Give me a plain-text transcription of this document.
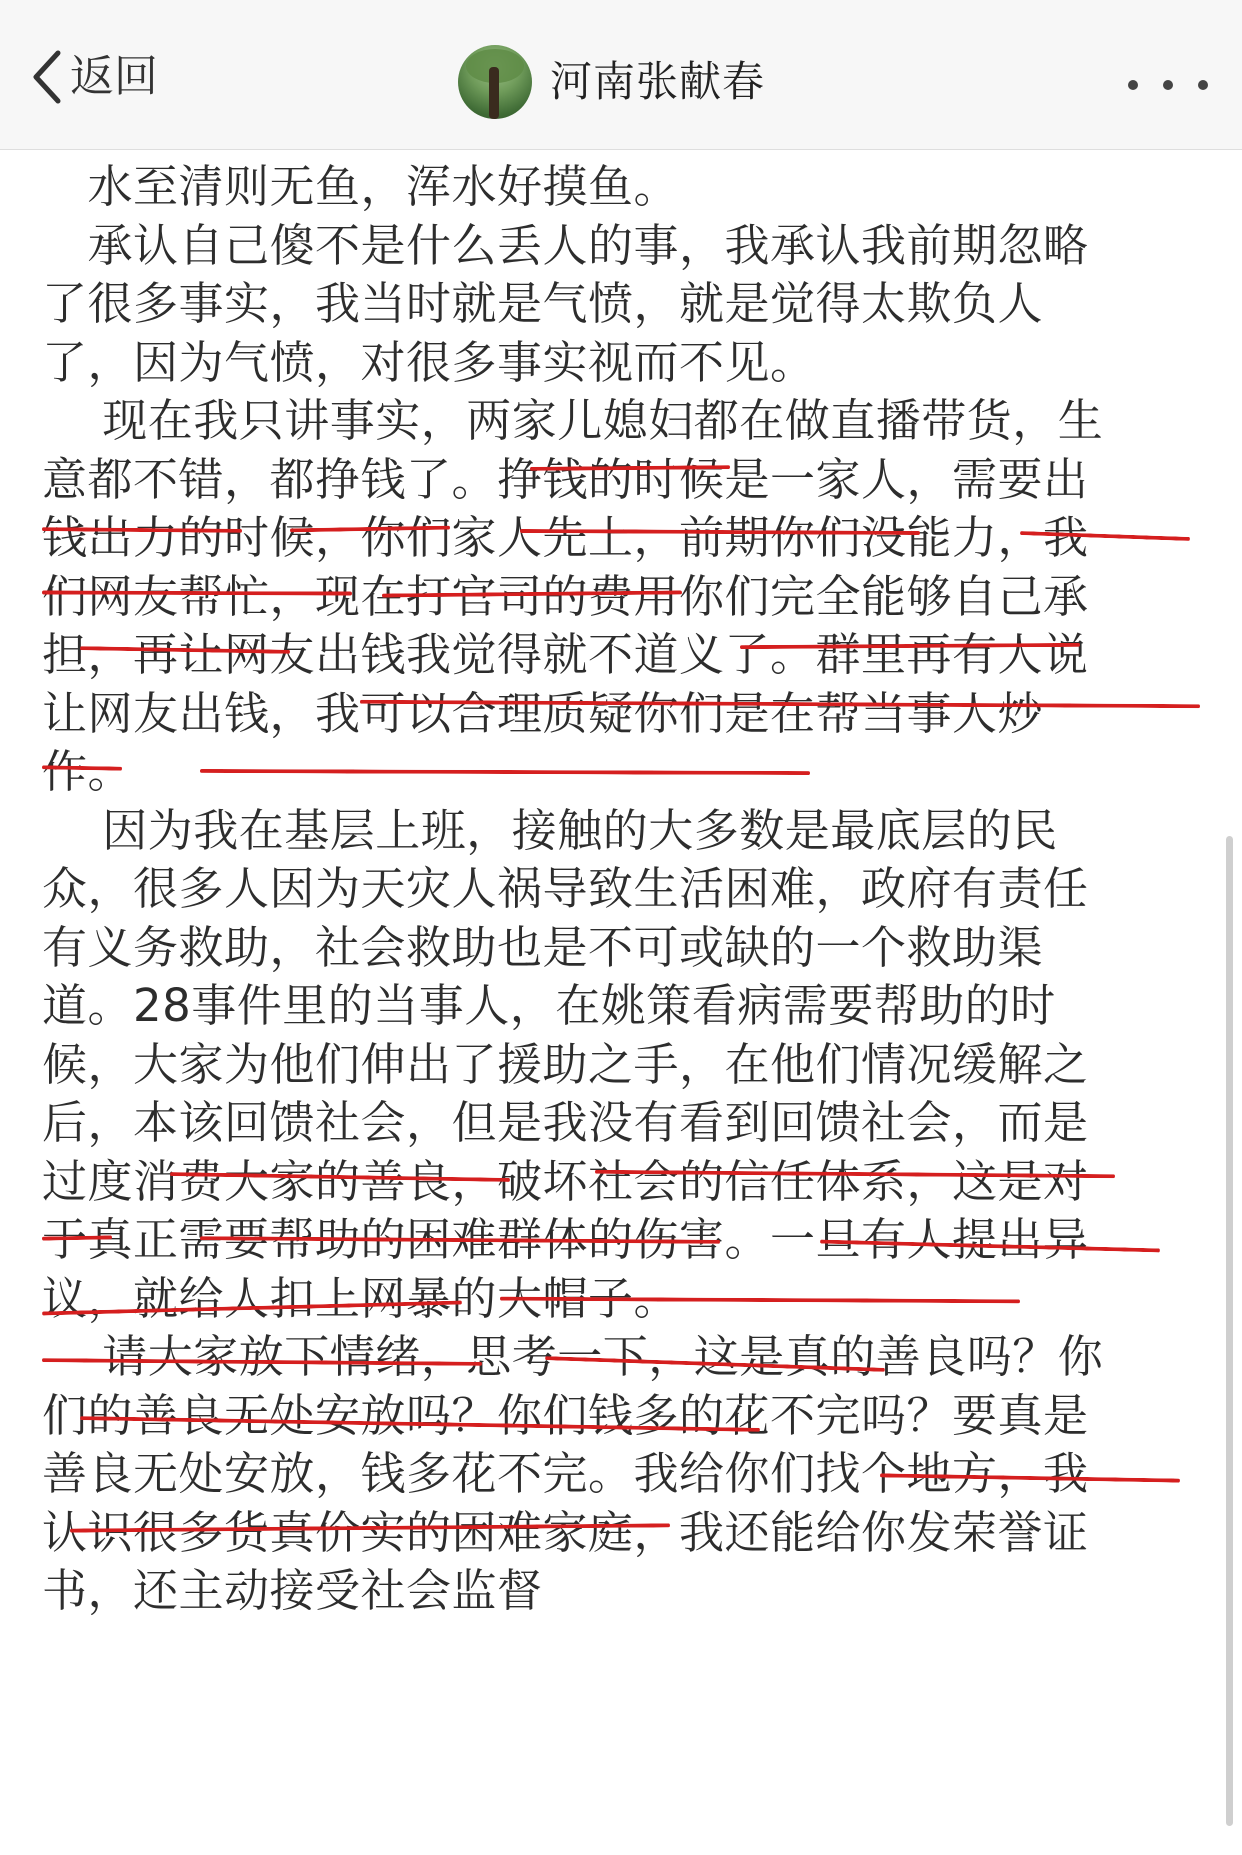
返回	河南张献春
　水至清则无鱼，浑水好摸鱼。
　承认自己傻不是什么丢人的事，我承认我前期忽略
了很多事实，我当时就是气愤，就是觉得太欺负人
了，因为气愤，对很多事实视而不见。
　 现在我只讲事实，两家儿媳妇都在做直播带货，生
意都不错，都挣钱了。挣钱的时候是一家人，需要出
钱出力的时候，你们家人先上，前期你们没能力，我
们网友帮忙，现在打官司的费用你们完全能够自己承
担，再让网友出钱我觉得就不道义了。群里再有人说
让网友出钱，我可以合理质疑你们是在帮当事人炒
作。
　 因为我在基层上班，接触的大多数是最底层的民
众，很多人因为天灾人祸导致生活困难，政府有责任
有义务救助，社会救助也是不可或缺的一个救助渠
道。28事件里的当事人，在姚策看病需要帮助的时
候，大家为他们伸出了援助之手，在他们情况缓解之
后，本该回馈社会，但是我没有看到回馈社会，而是
过度消费大家的善良，破坏社会的信任体系，这是对
于真正需要帮助的困难群体的伤害。一旦有人提出异
议，就给人扣上网暴的大帽子。
　 请大家放下情绪，思考一下，这是真的善良吗？你
们的善良无处安放吗？你们钱多的花不完吗？要真是
善良无处安放，钱多花不完。我给你们找个地方，我
认识很多货真价实的困难家庭，我还能给你发荣誉证
书，还主动接受社会监督
